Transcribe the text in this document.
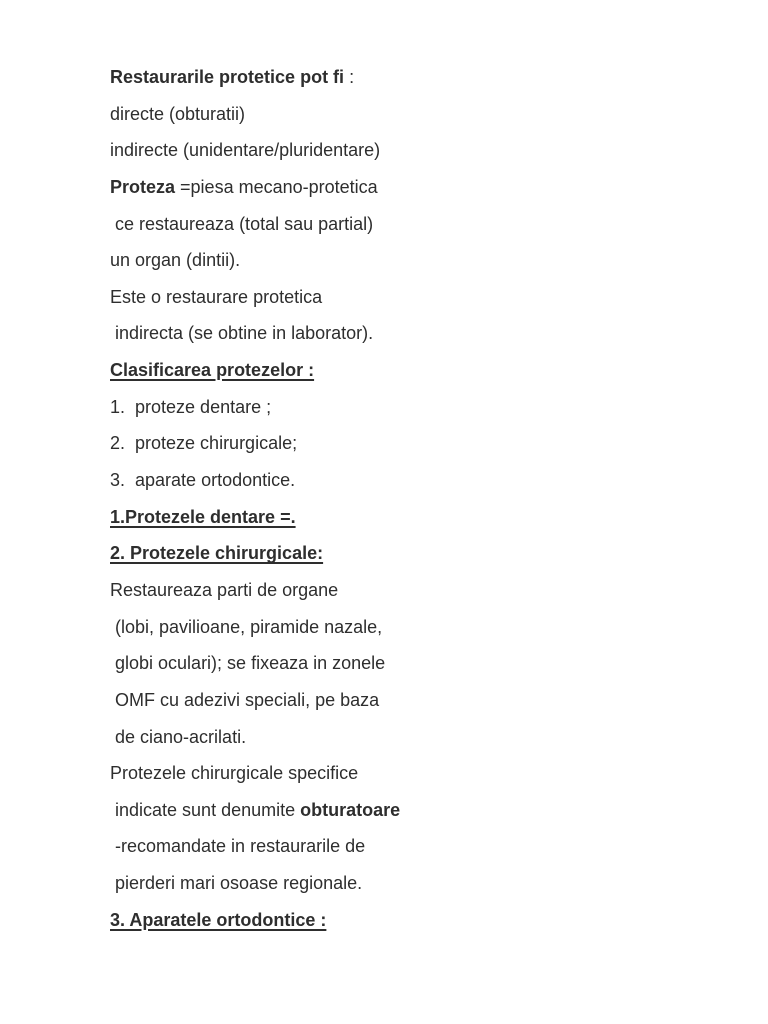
Restaurarile protetice pot fi :
directe (obturatii)
indirecte (unidentare/pluridentare)
Proteza =piesa mecano-protetica
ce restaureaza (total sau partial)
un organ (dintii).
Este o restaurare protetica
indirecta (se obtine in laborator).
Clasificarea protezelor :
1.  proteze dentare ;
2.  proteze chirurgicale;
3.  aparate ortodontice.
1.Protezele dentare =.
2. Protezele chirurgicale:
Restaureaza parti de organe
(lobi, pavilioane, piramide nazale,
globi oculari); se fixeaza in zonele
OMF cu adezivi speciali, pe baza
de ciano-acrilati.
Protezele chirurgicale specifice
indicate sunt denumite obturatoare
-recomandate in restaurarile de
pierderi mari osoase regionale.
3. Aparatele ortodontice :
